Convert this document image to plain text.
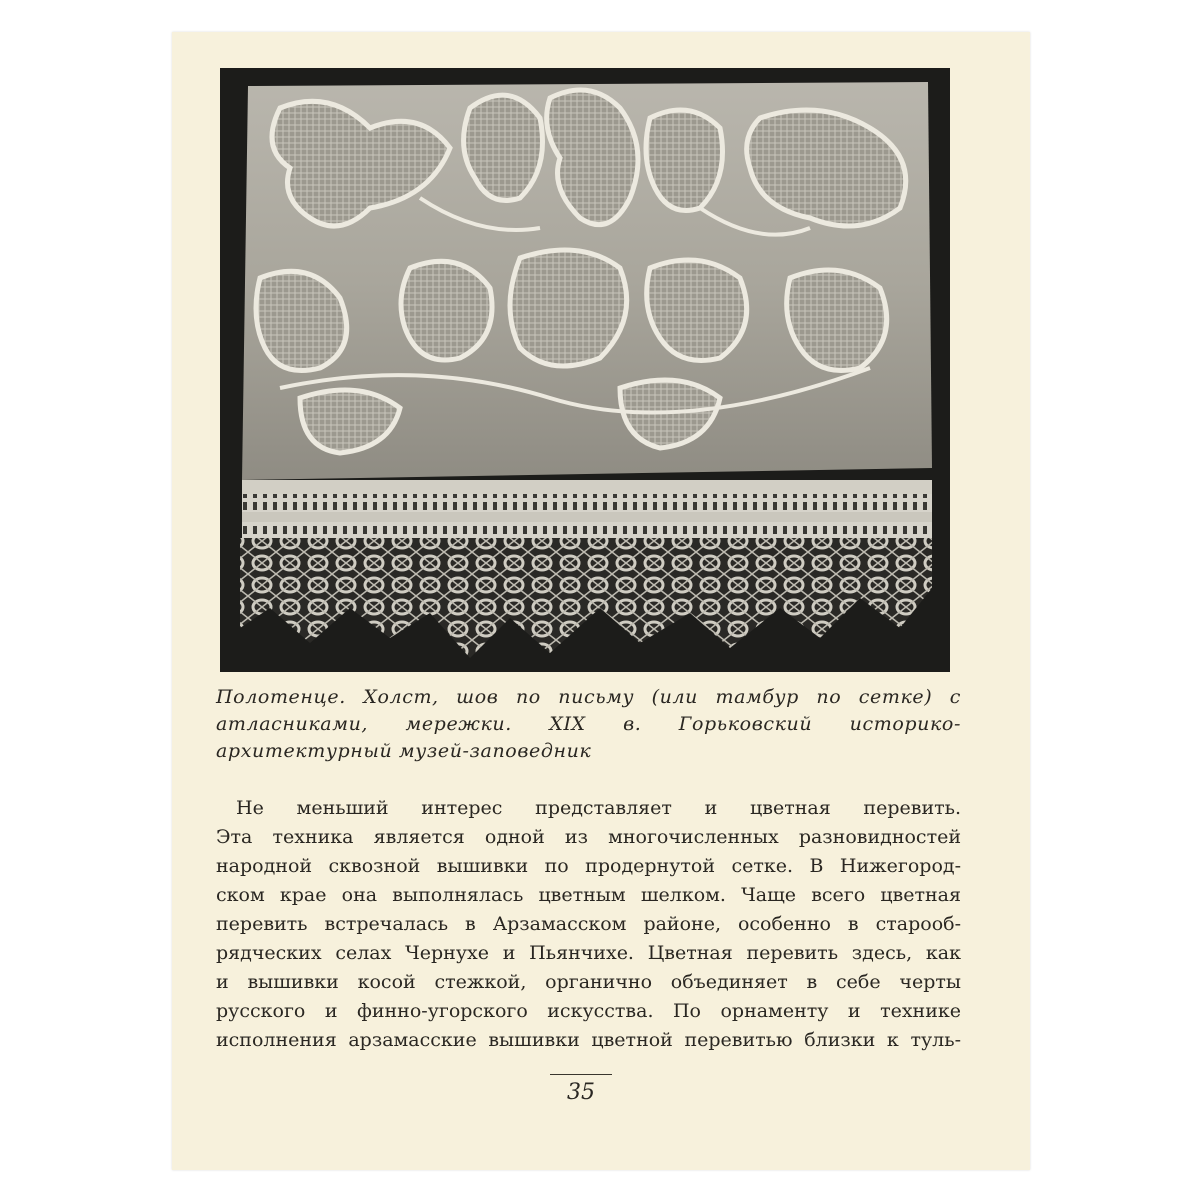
Полотенце. Холст, шов по письму (или тамбур по сетке) с атласниками, мережки. XIX в. Горьковский историко-архитектурный музей-заповедник

Не меньший интерес представляет и цветная перевить.
Эта техника является одной из многочисленных разновидностей
народной сквозной вышивки по продернутой сетке. В Нижегород-
ском крае она выполнялась цветным шелком. Чаще всего цветная
перевить встречалась в Арзамасском районе, особенно в старооб-
рядческих селах Чернухе и Пьянчихе. Цветная перевить здесь, как
и вышивки косой стежкой, органично объединяет в себе черты
русского и финно-угорского искусства. По орнаменту и технике
исполнения арзамасские вышивки цветной перевитью близки к туль-
35
